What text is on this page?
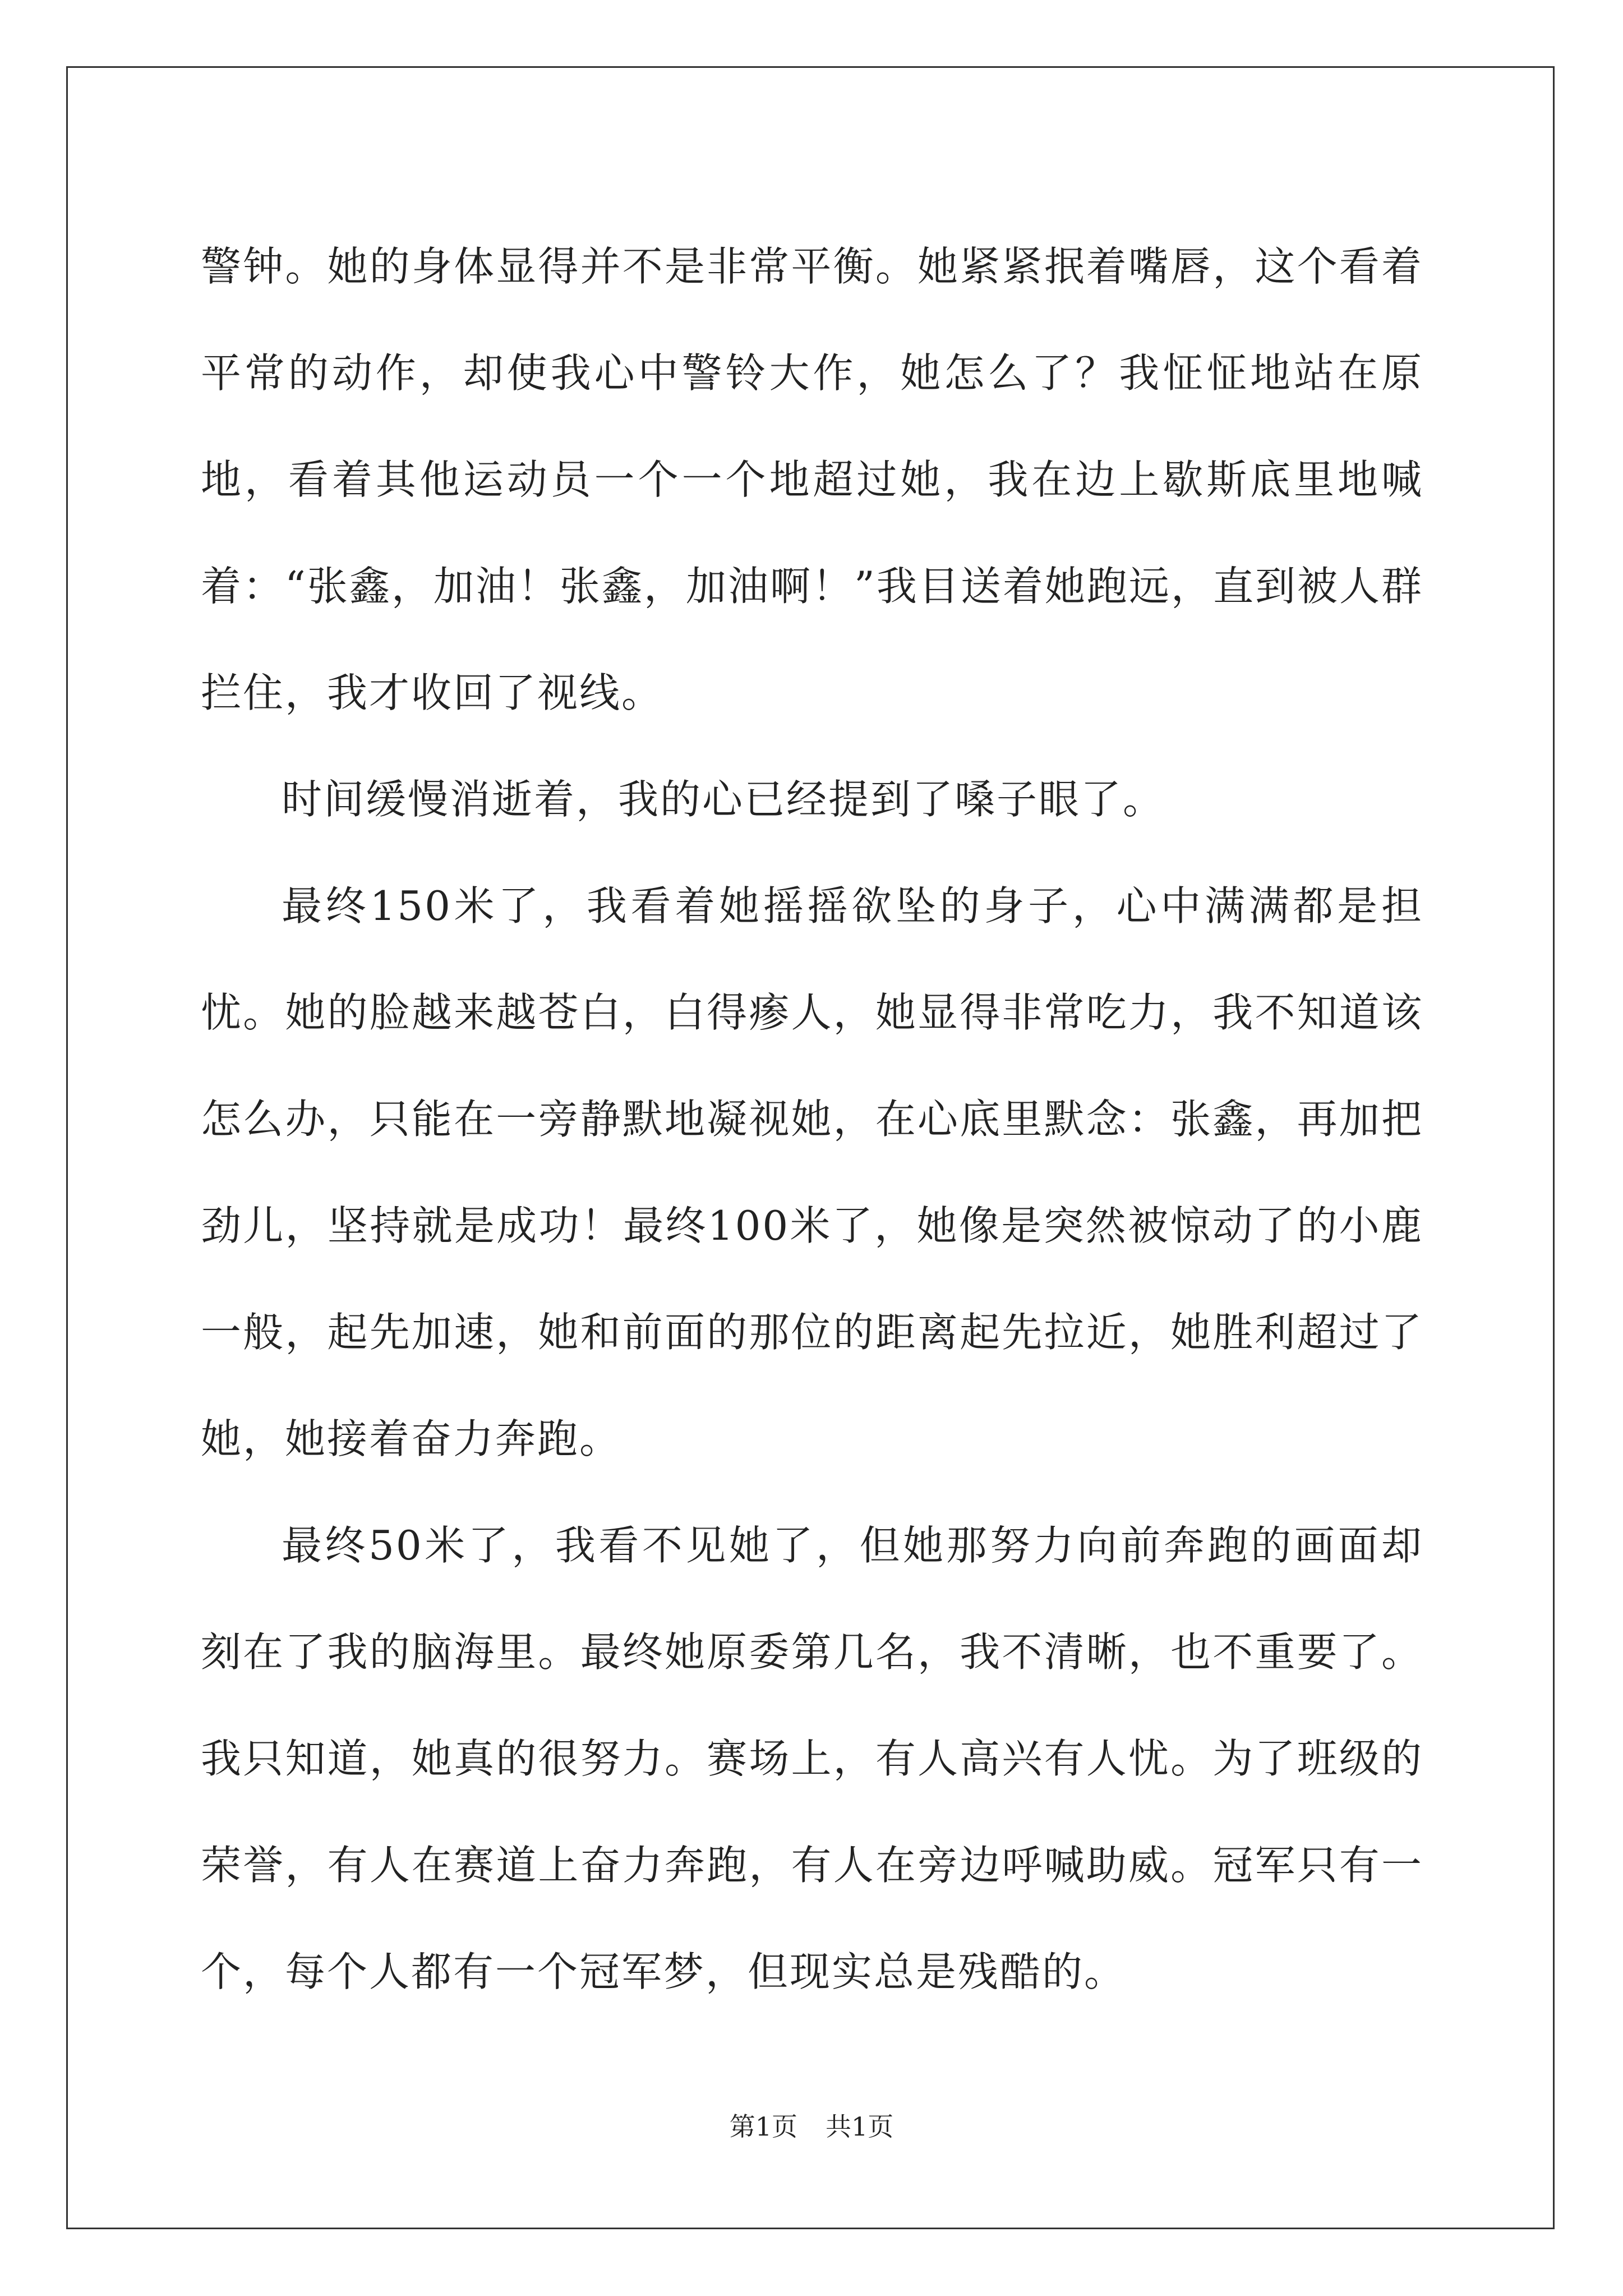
警钟。她的身体显得并不是非常平衡。她紧紧抿着嘴唇，这个看着平常的动作，却使我心中警铃大作，她怎么了？我怔怔地站在原地，看着其他运动员一个一个地超过她，我在边上歇斯底里地喊着：“张鑫，加油！张鑫，加油啊！”我目送着她跑远，直到被人群拦住，我才收回了视线。

时间缓慢消逝着，我的心已经提到了嗓子眼了。

最终150米了，我看着她摇摇欲坠的身子，心中满满都是担忧。她的脸越来越苍白，白得瘆人，她显得非常吃力，我不知道该怎么办，只能在一旁静默地凝视她，在心底里默念：张鑫，再加把劲儿，坚持就是成功！最终100米了，她像是突然被惊动了的小鹿一般，起先加速，她和前面的那位的距离起先拉近，她胜利超过了她，她接着奋力奔跑。

最终50米了，我看不见她了，但她那努力向前奔跑的画面却刻在了我的脑海里。最终她原委第几名，我不清晰，也不重要了。我只知道，她真的很努力。赛场上，有人高兴有人忧。为了班级的荣誉，有人在赛道上奋力奔跑，有人在旁边呼喊助威。冠军只有一个，每个人都有一个冠军梦，但现实总是残酷的。

第1页 共1页
